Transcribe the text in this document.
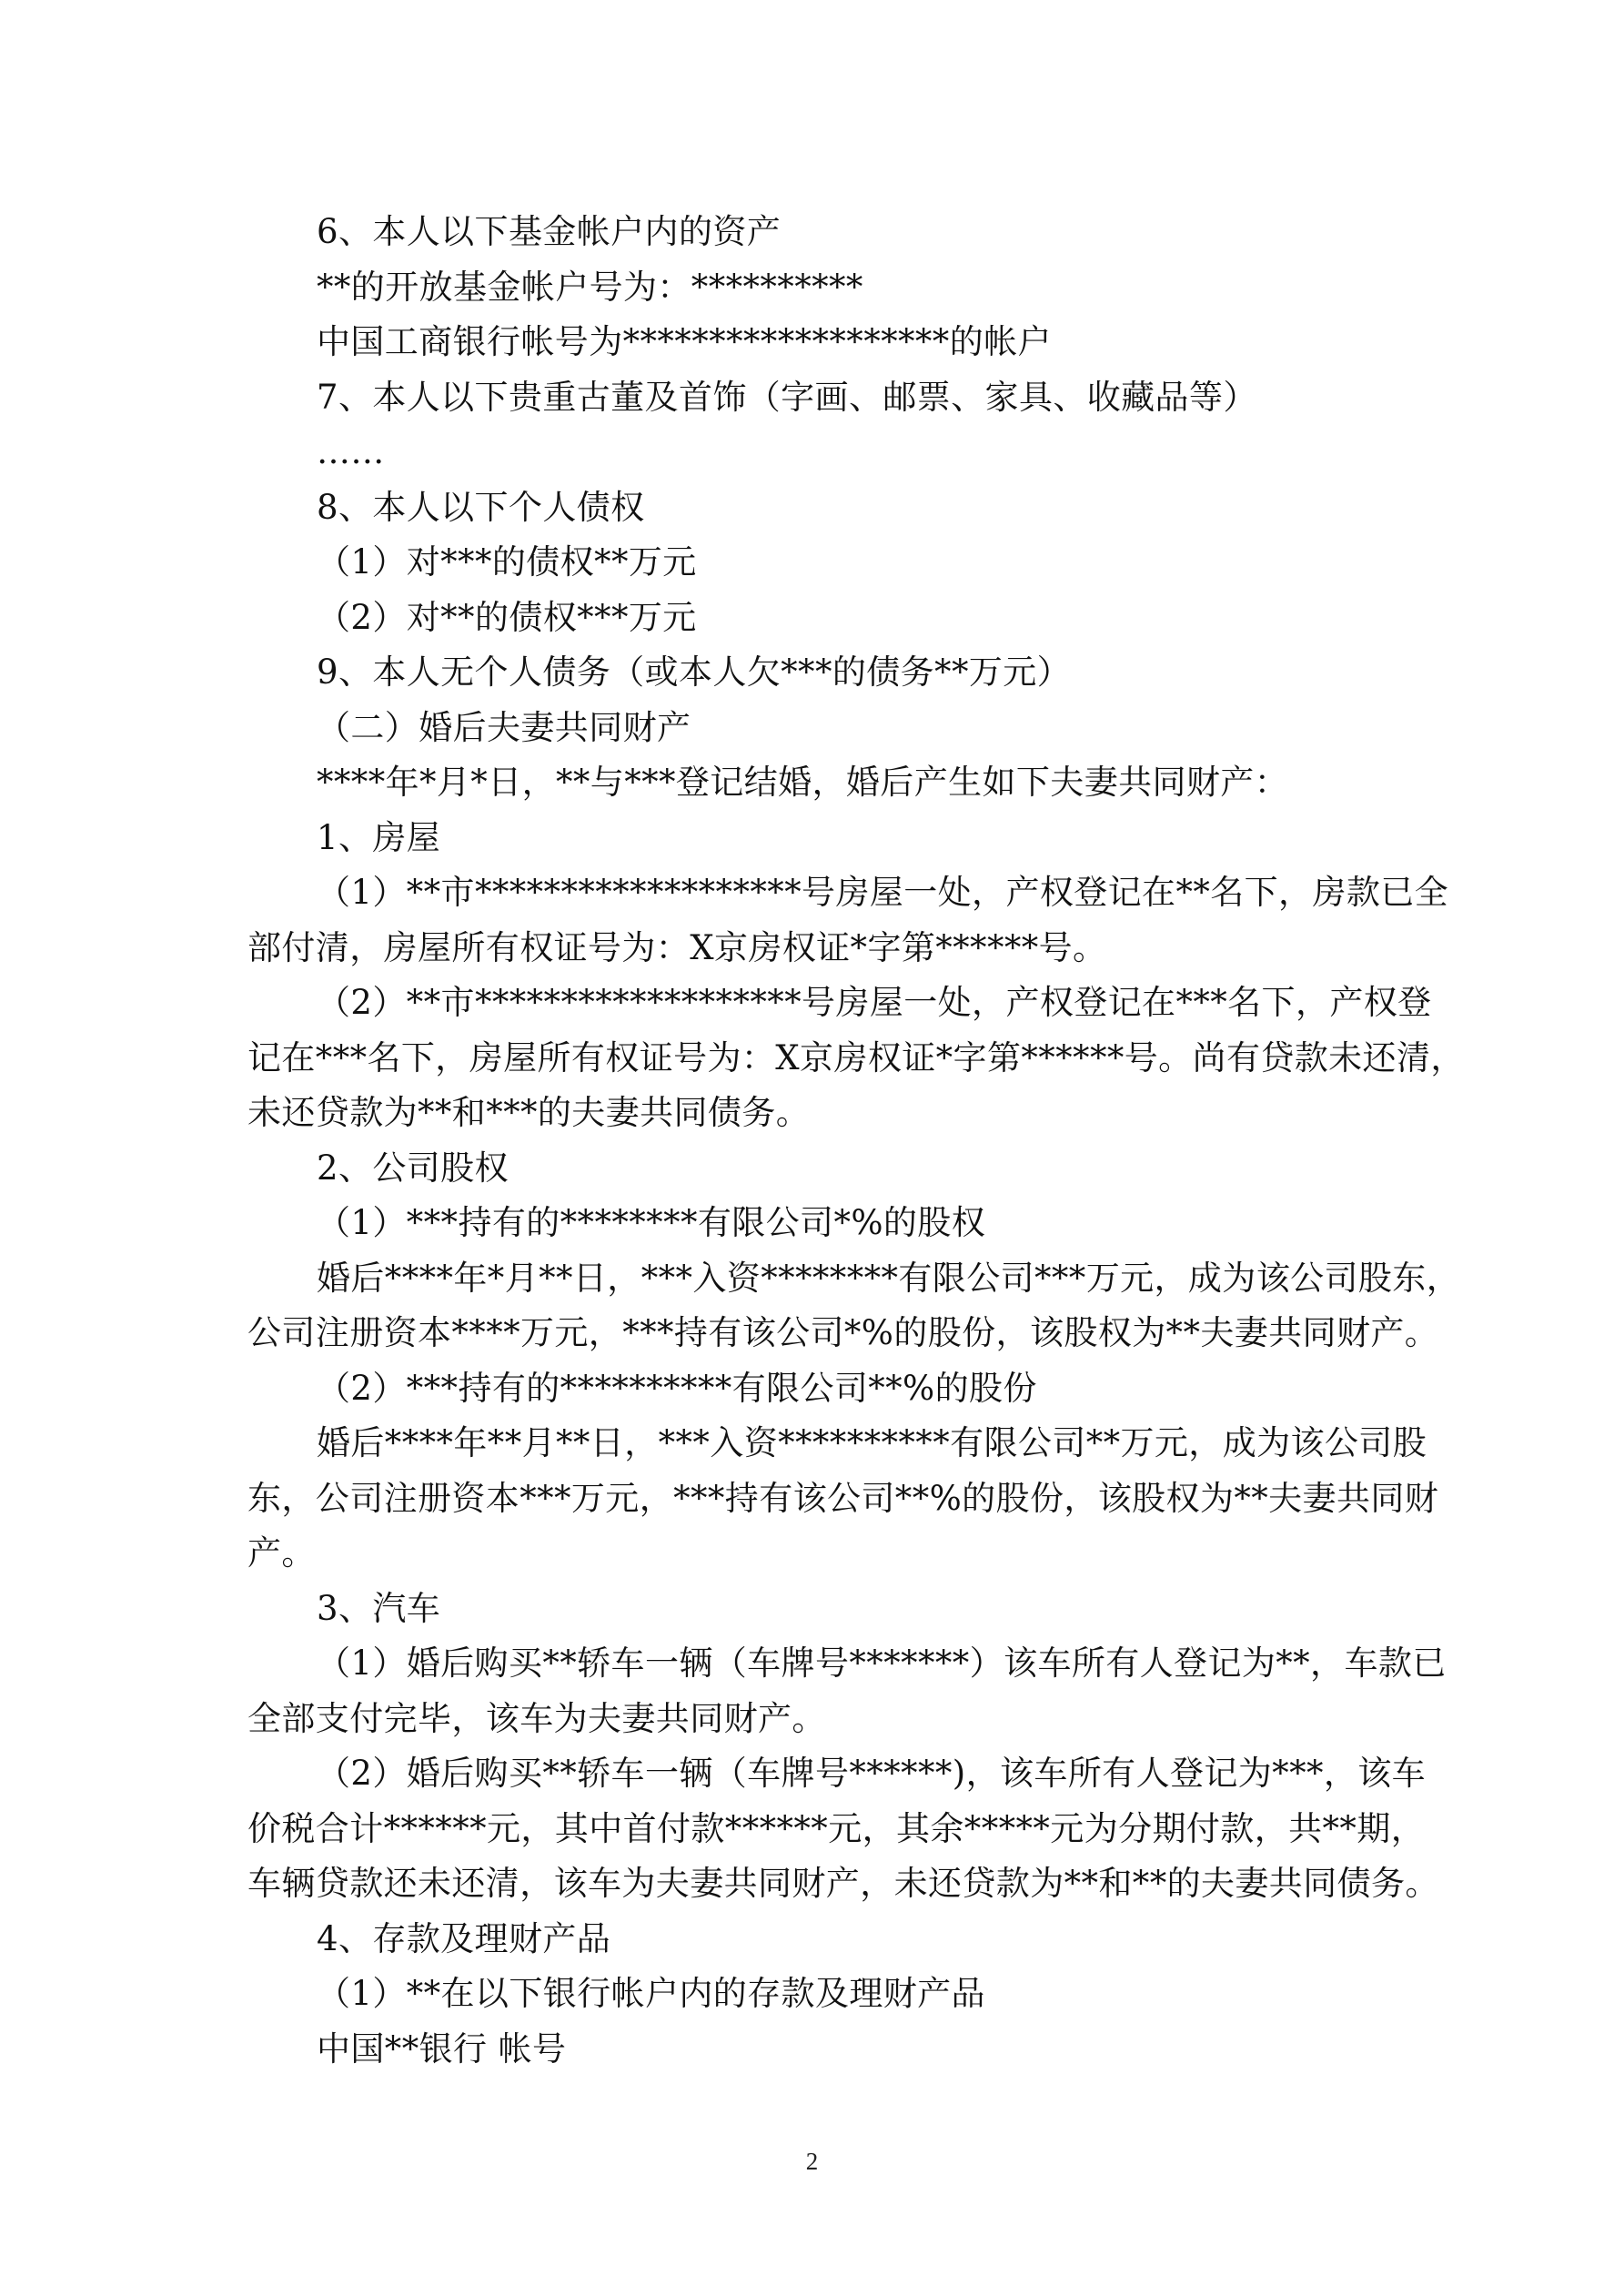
6、本人以下基金帐户内的资产
**的开放基金帐户号为：**********
中国工商银行帐号为*******************的帐户
7、本人以下贵重古董及首饰（字画、邮票、家具、收藏品等）
……
8、本人以下个人债权
（1）对***的债权**万元
（2）对**的债权***万元
9、本人无个人债务（或本人欠***的债务**万元）
（二）婚后夫妻共同财产
****年*月*日，**与***登记结婚，婚后产生如下夫妻共同财产：
1、房屋
（1）**市*******************号房屋一处，产权登记在**名下，房款已全
部付清，房屋所有权证号为：X京房权证*字第******号。
（2）**市*******************号房屋一处，产权登记在***名下，产权登
记在***名下，房屋所有权证号为：X京房权证*字第******号。尚有贷款未还清，
未还贷款为**和***的夫妻共同债务。
2、公司股权
（1）***持有的********有限公司*%的股权
婚后****年*月**日，***入资********有限公司***万元，成为该公司股东，
公司注册资本****万元，***持有该公司*%的股份，该股权为**夫妻共同财产。
（2）***持有的**********有限公司**%的股份
婚后****年**月**日，***入资**********有限公司**万元，成为该公司股
东，公司注册资本***万元，***持有该公司**%的股份，该股权为**夫妻共同财
产。
3、汽车
（1）婚后购买**轿车一辆（车牌号*******）该车所有人登记为**，车款已
全部支付完毕，该车为夫妻共同财产。
（2）婚后购买**轿车一辆（车牌号******)，该车所有人登记为***，该车
价税合计******元，其中首付款******元，其余*****元为分期付款，共**期，
车辆贷款还未还清，该车为夫妻共同财产，未还贷款为**和**的夫妻共同债务。
4、存款及理财产品
（1）**在以下银行帐户内的存款及理财产品
中国**银行 帐号
2
